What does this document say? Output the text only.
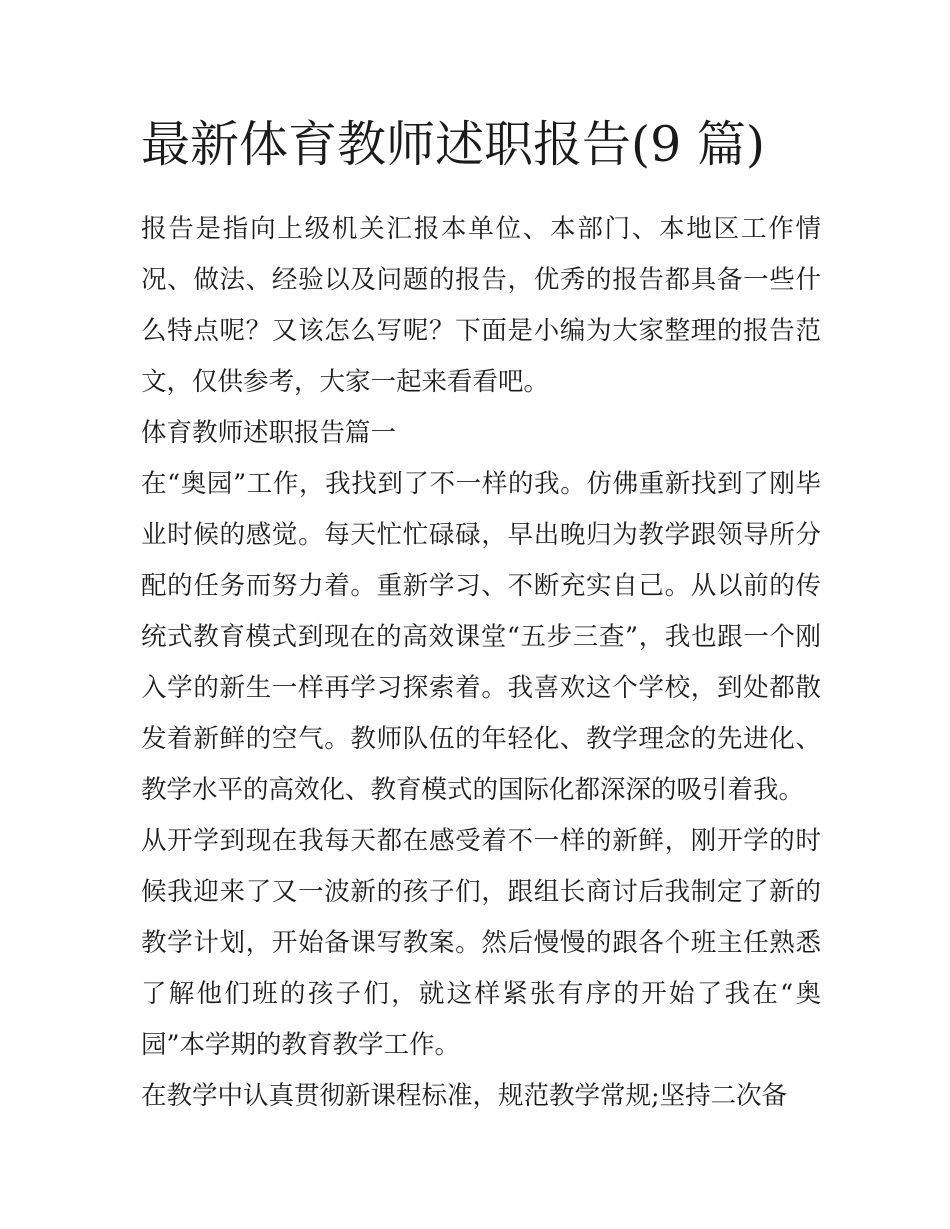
最新体育教师述职报告(9 篇)

报告是指向上级机关汇报本单位、本部门、本地区工作情况、做法、经验以及问题的报告，优秀的报告都具备一些什么特点呢？又该怎么写呢？下面是小编为大家整理的报告范文，仅供参考，大家一起来看看吧。

体育教师述职报告篇一

在“奥园”工作，我找到了不一样的我。仿佛重新找到了刚毕业时候的感觉。每天忙忙碌碌，早出晚归为教学跟领导所分配的任务而努力着。重新学习、不断充实自己。从以前的传统式教育模式到现在的高效课堂“五步三查”，我也跟一个刚入学的新生一样再学习探索着。我喜欢这个学校，到处都散发着新鲜的空气。教师队伍的年轻化、教学理念的先进化、教学水平的高效化、教育模式的国际化都深深的吸引着我。

从开学到现在我每天都在感受着不一样的新鲜，刚开学的时候我迎来了又一波新的孩子们，跟组长商讨后我制定了新的教学计划，开始备课写教案。然后慢慢的跟各个班主任熟悉了解他们班的孩子们，就这样紧张有序的开始了我在“奥园”本学期的教育教学工作。

在教学中认真贯彻新课程标准，规范教学常规;坚持二次备
